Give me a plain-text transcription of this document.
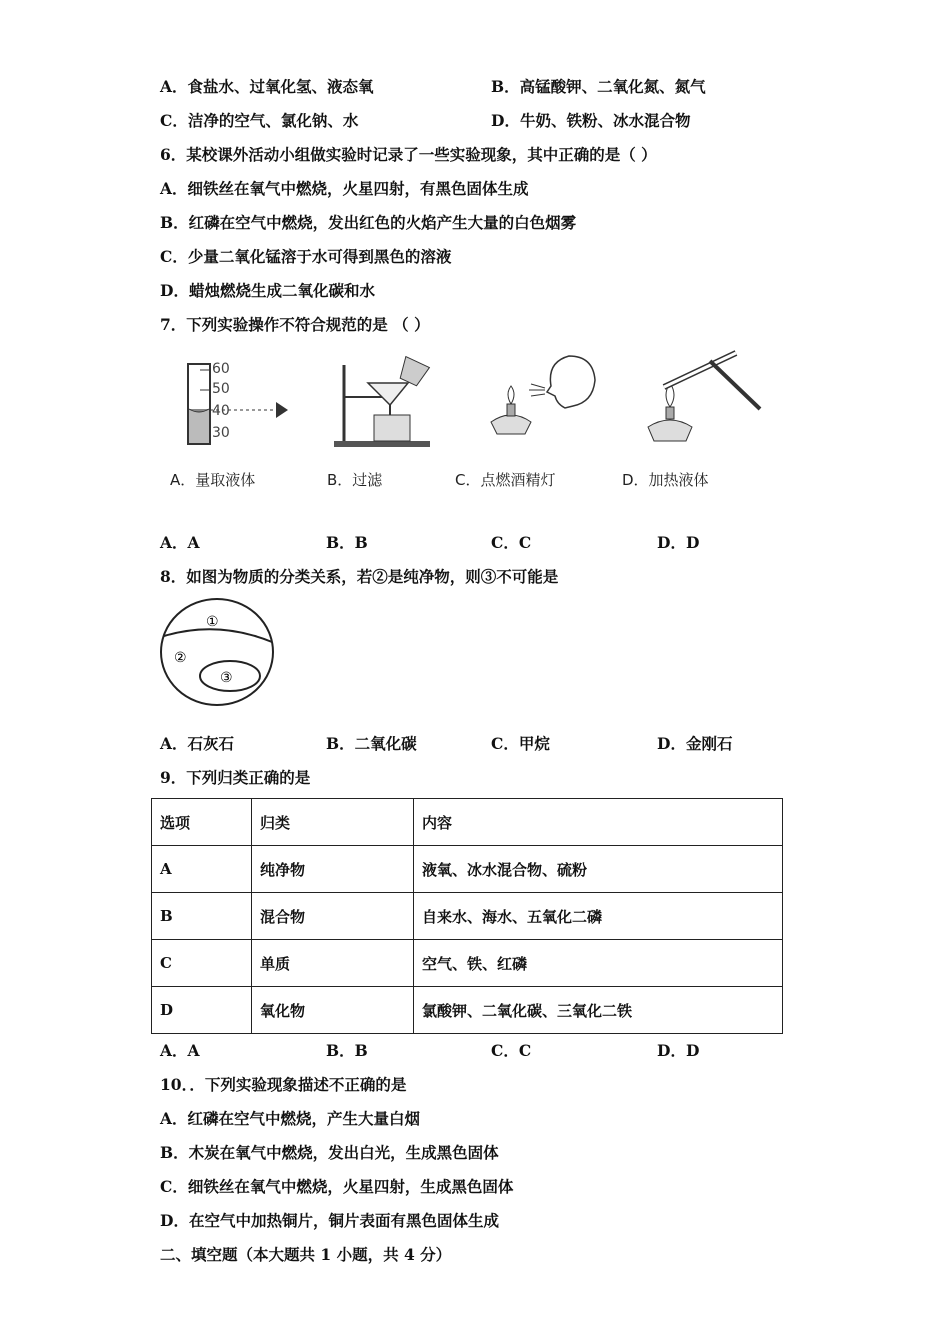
A．食盐水、过氧化氢、液态氧	B．高锰酸钾、二氧化氮、氮气
C．洁净的空气、氯化钠、水	D．牛奶、铁粉、冰水混合物
6．某校课外活动小组做实验时记录了一些实验现象，其中正确的是（ ）
A．细铁丝在氧气中燃烧，火星四射，有黑色固体生成
B．红磷在空气中燃烧，发出红色的火焰产生大量的白色烟雾
C．少量二氧化锰溶于水可得到黑色的溶液
D．蜡烛燃烧生成二氧化碳和水
7．下列实验操作不符合规范的是 （ ）
60
50
40
30
A．量取液体	B．过滤	C．点燃酒精灯	D．加热液体
A．A	B．B	C．C	D．D
8．如图为物质的分类关系，若②是纯净物，则③不可能是
①
②
③
A．石灰石	B．二氧化碳	C．甲烷	D．金刚石
9．下列归类正确的是
选项	归类	内容
A	纯净物	液氧、冰水混合物、硫粉
B	混合物	自来水、海水、五氧化二磷
C	单质	空气、铁、红磷
D	氧化物	氯酸钾、二氧化碳、三氧化二铁
A．A	B．B	C．C	D．D
10．．下列实验现象描述不正确的是
A．红磷在空气中燃烧，产生大量白烟
B．木炭在氧气中燃烧，发出白光，生成黑色固体
C．细铁丝在氧气中燃烧，火星四射，生成黑色固体
D．在空气中加热铜片，铜片表面有黑色固体生成
二、填空题（本大题共 1 小题，共 4 分）
